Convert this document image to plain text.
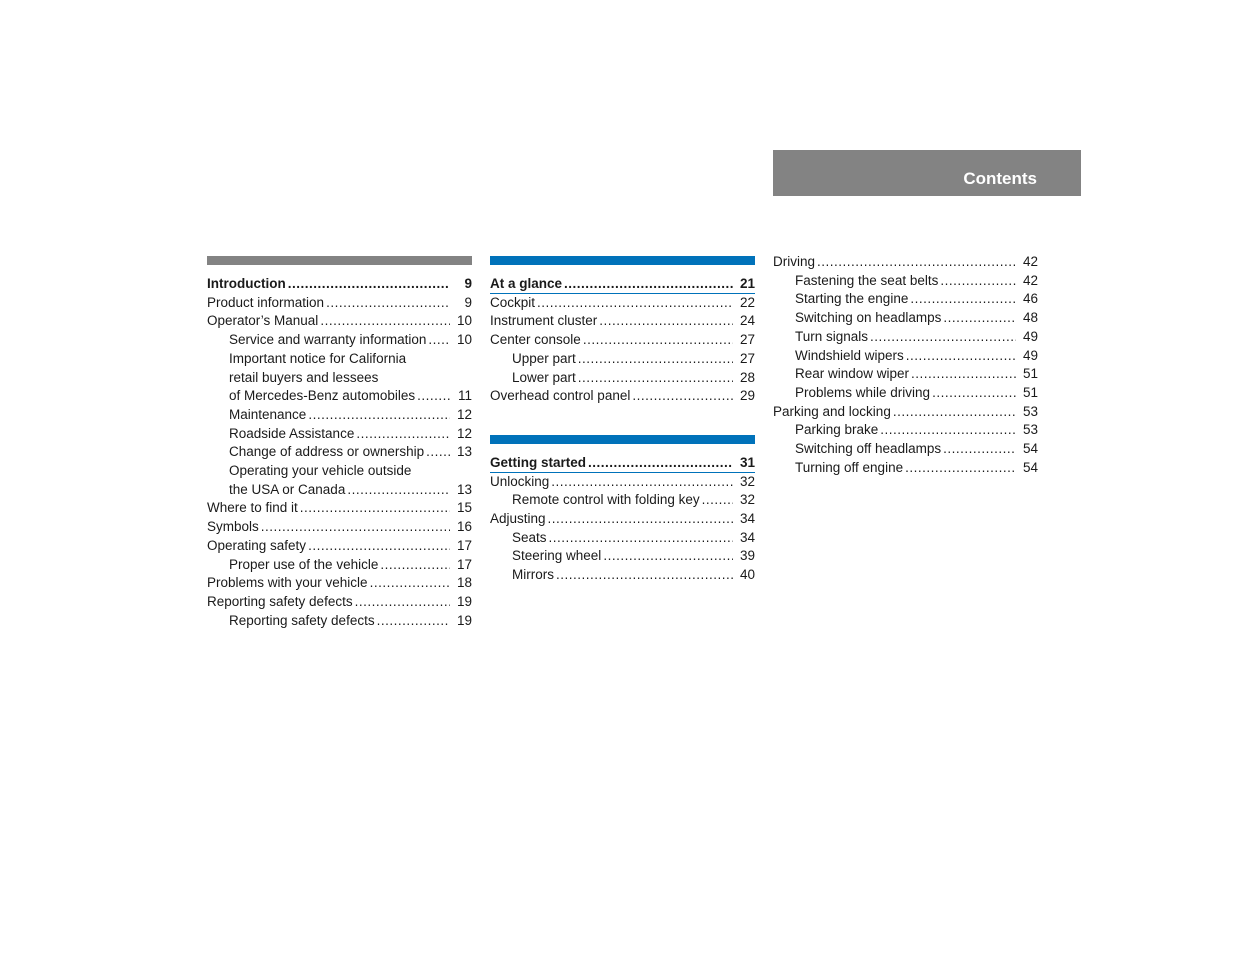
Contents
Introduction .....	9
Product information .....	9
Operator’s Manual .....	10
Service and warranty information .....	10
Important notice for California
retail buyers and lessees
of Mercedes-Benz automobiles .....	11
Maintenance .....	12
Roadside Assistance .....	12
Change of address or ownership .....	13
Operating your vehicle outside
the USA or Canada .....	13
Where to find it .....	15
Symbols .....	16
Operating safety .....	17
Proper use of the vehicle .....	17
Problems with your vehicle .....	18
Reporting safety defects .....	19
Reporting safety defects .....	19
At a glance .....	21
Cockpit .....	22
Instrument cluster .....	24
Center console .....	27
Upper part .....	27
Lower part .....	28
Overhead control panel .....	29
Getting started .....	31
Unlocking .....	32
Remote control with folding key .....	32
Adjusting .....	34
Seats .....	34
Steering wheel .....	39
Mirrors .....	40
Driving .....	42
Fastening the seat belts .....	42
Starting the engine .....	46
Switching on headlamps .....	48
Turn signals .....	49
Windshield wipers .....	49
Rear window wiper .....	51
Problems while driving .....	51
Parking and locking .....	53
Parking brake .....	53
Switching off headlamps .....	54
Turning off engine .....	54
